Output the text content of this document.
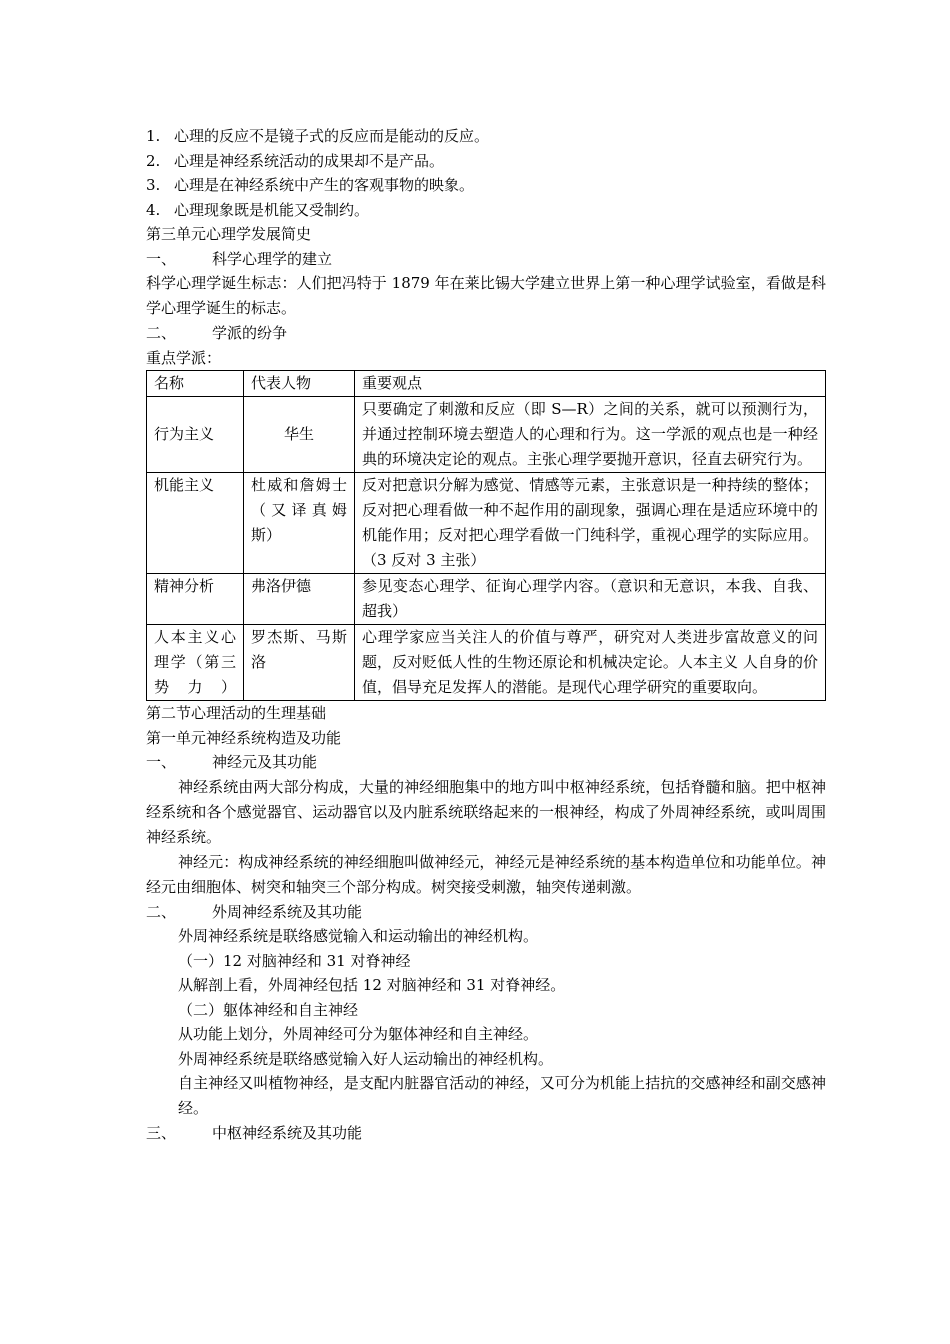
1. 心理的反应不是镜子式的反应而是能动的反应。
2. 心理是神经系统活动的成果却不是产品。
3. 心理是在神经系统中产生的客观事物的映象。
4. 心理现象既是机能又受制约。
第三单元心理学发展简史
一、 科学心理学的建立
科学心理学诞生标志：人们把冯特于 1879 年在莱比锡大学建立世界上第一种心理学试验室，看做是科学心理学诞生的标志。
二、 学派的纷争
重点学派：
名称	代表人物	重要观点
行为主义	华生	只要确定了刺激和反应（即 S—R）之间的关系，就可以预测行为，并通过控制环境去塑造人的心理和行为。这一学派的观点也是一种经典的环境决定论的观点。主张心理学要抛开意识，径直去研究行为。
机能主义	杜威和詹姆士（又译真姆斯）	反对把意识分解为感觉、情感等元素，主张意识是一种持续的整体；反对把心理看做一种不起作用的副现象，强调心理在是适应环境中的机能作用；反对把心理学看做一门纯科学，重视心理学的实际应用。（3 反对 3 主张）
精神分析	弗洛伊德	参见变态心理学、征询心理学内容。（意识和无意识，本我、自我、超我）
人本主义心理学（第三势力）	罗杰斯、马斯洛	心理学家应当关注人的价值与尊严，研究对人类进步富故意义的问题，反对贬低人性的生物还原论和机械决定论。人本主义 人自身的价值，倡导充足发挥人的潜能。是现代心理学研究的重要取向。
第二节心理活动的生理基础
第一单元神经系统构造及功能
一、 神经元及其功能
神经系统由两大部分构成，大量的神经细胞集中的地方叫中枢神经系统，包括脊髓和脑。把中枢神经系统和各个感觉器官、运动器官以及内脏系统联络起来的一根神经，构成了外周神经系统，或叫周围神经系统。
神经元：构成神经系统的神经细胞叫做神经元，神经元是神经系统的基本构造单位和功能单位。神经元由细胞体、树突和轴突三个部分构成。树突接受刺激，轴突传递刺激。
二、 外周神经系统及其功能
外周神经系统是联络感觉输入和运动输出的神经机构。
（一）12 对脑神经和 31 对脊神经
从解剖上看，外周神经包括 12 对脑神经和 31 对脊神经。
（二）躯体神经和自主神经
从功能上划分，外周神经可分为躯体神经和自主神经。
外周神经系统是联络感觉输入好人运动输出的神经机构。
自主神经又叫植物神经，是支配内脏器官活动的神经，又可分为机能上拮抗的交感神经和副交感神经。
三、 中枢神经系统及其功能
